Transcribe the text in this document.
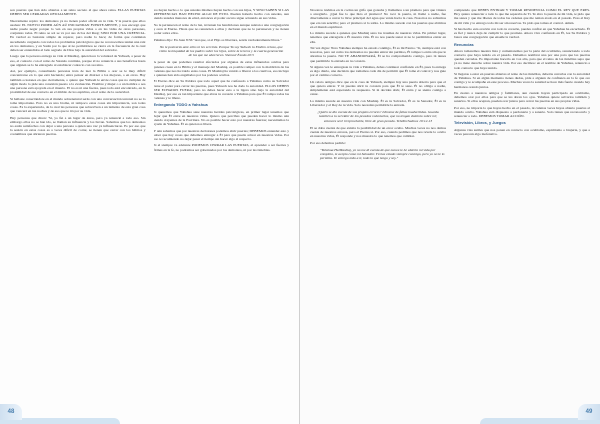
son puertas que han sido abiertas a un reino secreto al que ahora reina. ELLAS PUERTAS DEBEN SER CERRADAS OFICIALMENTE.

Nuevamente repito: los demonios ya no tienen poder oficial en tu vida. Y la puerta que ellos usaban: EL NUEVO PODER AÚN AÚ INICIANDAN FUERTE-MENTE, y nos encargó que nadie puede negar porque lo ven en sus propias vidas o en las vidas de otras personas, conjuntas todas. El reino se sol se va por sus ciclos del Ruaj; SINO POR UNA CREENCIA. En verdad es bastante simple de reparar, pero nadie lo hace; de forma que continúan sucediendo cargando con todos los problemas psicológicos que no reconocemos tenían una raíz en los demonios, y en Satán por la que al no permitirnos se cierra en la frecuencia de la cual deben ser entendidos el lado sagrado de Dios bajo la autoridad del salvador.

Luego que la persona entrega su vida al Mashiaj, quien hace la voluntad de Yahweh, a pesar de eso, el contacto con el reino de Satanás continúa, porque él no renuncia a sus beneficios hasta que alguien se lo ha entregado al establecer contacto con su reino.

Así, por ejemplo, consultando personas trata de leer la Biblia o orar se le muy difícil concentrarse en lo que está haciendo; entra pensar en distraer a los mejores, o en otras. Hay también ocasiones en que ciertamente, o quiere que Yahweh le envíe cosas que no cumplen de algún modo lo pide una conexión puesto a la evaluación. Hombre y mujer o a un hombre o sea una persona está apoyada en el muerto. El no es ni una fuerza, pues todo está encontrado, en la proximidad de ese contacto en el ámbito de los espíritus, en el reino de la oscuridad.

Si hallaste conectándote en el mundo sobrenatural serás con una conversación terrenal no se lo toma importante. Esto no es una broma, ni tampoco estas cosas sin importancia, son todas cosas. Es la experiencia, de la cual las personas que sobreviven a un lamento de esta gran cosa que vencerá en tus noches y de eso que te irá por su vida.

Hay personas que dicen: 'Sí, yo fui a un lugar de éstos, pero ya renuncié a todo eso. Sin embargo ellos no se han ido, se llaman su influencia y los llevan. Sabemos que los demonios no están satisfechos con dejar a una persona a quien una vez ya influenciaron. Es por eso que la sesión en estas cosas es a veces difícil de cortar, se tienen que cerrar con los hábitos y costumbres que abrieron puertas.

los hayan hecho o lo que ustedes mismos hayan hecho con sus hijos, Y SINO SABEN SI LAS REFERENCIAS HAN HECHO ALGO DE ESTO. Pueden haberlo hecho con ustedes, aun siendo ustedes menores de edad, entonces el poder oscuro sigue actuando en sus vidas.

No le pertenecen al reino de la luz, ni tienen las bendiciones aunque asistan a una congregación y oren al Eterno. Hasta que no renuncien a ellas y declaren que no le pertenecen y no tienen poder sobre ellos.

Yahshua dijo: En Juan 8:36 "Así que, si el Hijo os libertare, seréis verdaderamente libres."

No te postrarás ante ellos ni les servirás. Porque Yo soy Yahweh tu Elohim celoso, que visito la iniquidad de los padres sobre los hijos, sobre la tercera y la cuarta generación de los que me aborrecen. Shemot/ Éxodo 20:5

A pesar de que podemos resultar afectados por algunas de estas influencias ocultas para quienes creen en la Biblia y el mensaje del Mashiaj, es posible romper con la maldición de las cadenas que nos ha traído estas cosas. El Mashiaj ha venido a liberar a los cautivos, eso incluye a quienes han sido engañados por los poderes ocultos.

El Eterno dice en Su Palabra que todo aquel que ha confesado a Yahshua como su Salvador tiene el poder para cerrar las puertas, pues Yahweh nos ha dado la autoridad. ELLOS DEBEN SER ECHADOS FUERA; pero no debes hacer esto a la ligera sino bajo la autoridad del Mashiaj, por eso es tan importante que abras tu corazón a Yahshua para que Él rompa todas las cadenas y te libere.

Entregando TODO a Yahshua

Si queremos que Yahshua sane nuestras heridas psicológicas, en primer lugar tenemos que dejar que Él entre en nuestras vidas. Quiero que percibas que pueden hacer lo mismo aún siendo creyentes de la Escritura. No es posible hacer esto por nuestras fuerzas; necesitamos la ayuda de Yahshua. Él es quien nos libera.

Y aún sabemos que por nuestras decisiones podemos abrir puertas; DEBEMOS entender esto y saber que hay cosas que debemos entregar a Él para que pueda actuar en nuestras vidas. Por eso te recomiendo no dejar pasar el tiempo sin hacer algo al respecto.

Si el siempre va adelante PODEMOS CERRAR LAS PUERTAS, el aprender a ser fuertes y firmes en la fe, no podremos ser gobernados por los demonios, ni por las tinieblas.

48

Nosotros tuvimos en la cocina un grifo que goteaba y llamamos a un plomero para que viniera a arreglarlo. ¿Qué fue lo que hizo el plomero? No tocó la puerta, ni llamó a nadie, fue directamente a cerrar la llave principal del agua que venía hacia la casa. Nosotros no sabíamos que era tan sencillo; pero el plomero sí lo sabía. Lo mismo sucede con las puertas que abrimos en el mundo espiritual.

Lo mismo sucede a quienes que Mashiaj sana los traumas de nuestras vidas. En primer lugar, tenemos que entregarle a Él nuestra vida. Él no nos puede sanar si no le permitimos entrar en ella.

Tal vez digas: 'Pero Yahshua siempre ha estado conmigo, Él es mi Eterno.' Sí, siempre está con nosotros, pero así como los demonios no pueden entrar sin permiso, Él tampoco entra sin que le abramos la puerta. NO TE ABANDONARÁ, Él se ha comprometido contigo, pero tú tienes que permitirle la entrada en tu corazón.

Si alguna vez le entregaste tu vida a Yahshua, debes continuar confiando en Él, pues la entrega es algo diario, una decisión que tomamos cada día de permitir que Él tome el control y nos guíe por el camino correcto.

Un relato antiguo dice que en la casa de Yahweh, siempre hay una puerta abierta para que el que quiera entrar. Y tú puedes abrir tu corazón para que Él te sane. Él no obliga a nadie, simplemente está esperando tu respuesta. Si tú decides abrir, Él entra y se sienta contigo a cenar.

La misma sucede en nuestra vida con Mashiaj. Él es tu Salvador, Él es tu Sanador, Él es tu Libertador y el Rey de tu vida. Solo necesitas permitirle la entrada.

¿Quién se dio cuenta de sus propios errores? Líbrame de faltas inadvertidas. Guarda también a tu servidor de los pecados voluntarios, que no tengan dominio sobre mí; entonces seré irreprochable, libre de gran pecado. Tehilim/Salmos 19:12-13

El se daba cuenta de que existía la posibilidad de un error oculto. Muchas veces no nos damos cuenta de nuestros errores, pero el Eterno sí. Por eso, cuando pedimos que nos revele lo oculto en nuestras vidas, Él responde y nos muestra lo que tenemos que cambiar.

Por eso debemos pedirle:

"Yahshua Ha'Mashiaj, yo no me di cuenta de que nunca te he abierto mi vida por completo, te acepto como mi Salvador. Tú has estado siempre conmigo, pero yo no te lo permitía. Te entrego todo a ti, todo lo que tengo y soy."

comprendo que DEBES ENTRAR Y TOMAR RESIDENCIA COMO EL REY QUE ERES. Hoy quiero renunciar a todo lo que me separaba de Ti. Te abro la puerta de mi vida, te pido que me sanes y que me liberes de todas las cadenas que me tenían atado en el pasado. Eres el Rey de mi vida y te entrego todo mi ser sin reservas. Te pido que tomes el control. Amén.

Si has hecho esta oración con todo tu corazón, puedes confiar en que Yahshua ha escuchado. Él es fiel y nunca deja de cumplir lo que promete. Ahora vive confiando en Él, lee Su Palabra y busca una congregación que enseñe la verdad.

Renuncias

Ahora tomaremos nuestra lista y comentaremos por la parte del ocultismo, renunciando a todo contacto que haya tenido en el pasado. Debemos nombrar una por una para que las puertas queden cerradas. Es importante hacerlo en voz alta, para que el reino de las tinieblas sepa que ya no tiene derecho sobre nuestra vida. Por eso decimos: en el nombre de Yahshua, renuncio a todo contacto que haya tenido.

Si llegaras a estar en puertas abiertas al reino de las tinieblas, deberás cerrarlas con la autoridad de Yahshua. Si en algún momento tienes dudas, pide a alguien de confianza en la fe que ore contigo y te acompañe en este proceso. Muchas veces la sanidad se hace más fuerte cuando hay hermanos orando juntos.

En cuanto a nuestros amigos y familiares, aun cuando hayan participado en ocultismo, debemos orar por ellos para que se les abran los ojos. Yahshua quiere salvarlos también y sanarlos. Si ellos aceptan, pueden orar juntos para cerrar las puertas en sus propias vidas.

Por eso, no importa lo que hayas hecho en el pasado, ni cuántas veces hayas abierto puertas al mundo oculto. Yahshua está dispuesto a perdonarte y a sanarte. Solo tienes que reconocerlo y renunciar a todo. DEBEMOS TOMAR ACCIÓN.

Televisión, Libros, y Juegos

Algunas vías sutiles que nos ponen en contacto con ocultismo, espiritismo o brujería, y que a veces parecen algo inofensivo.

49
